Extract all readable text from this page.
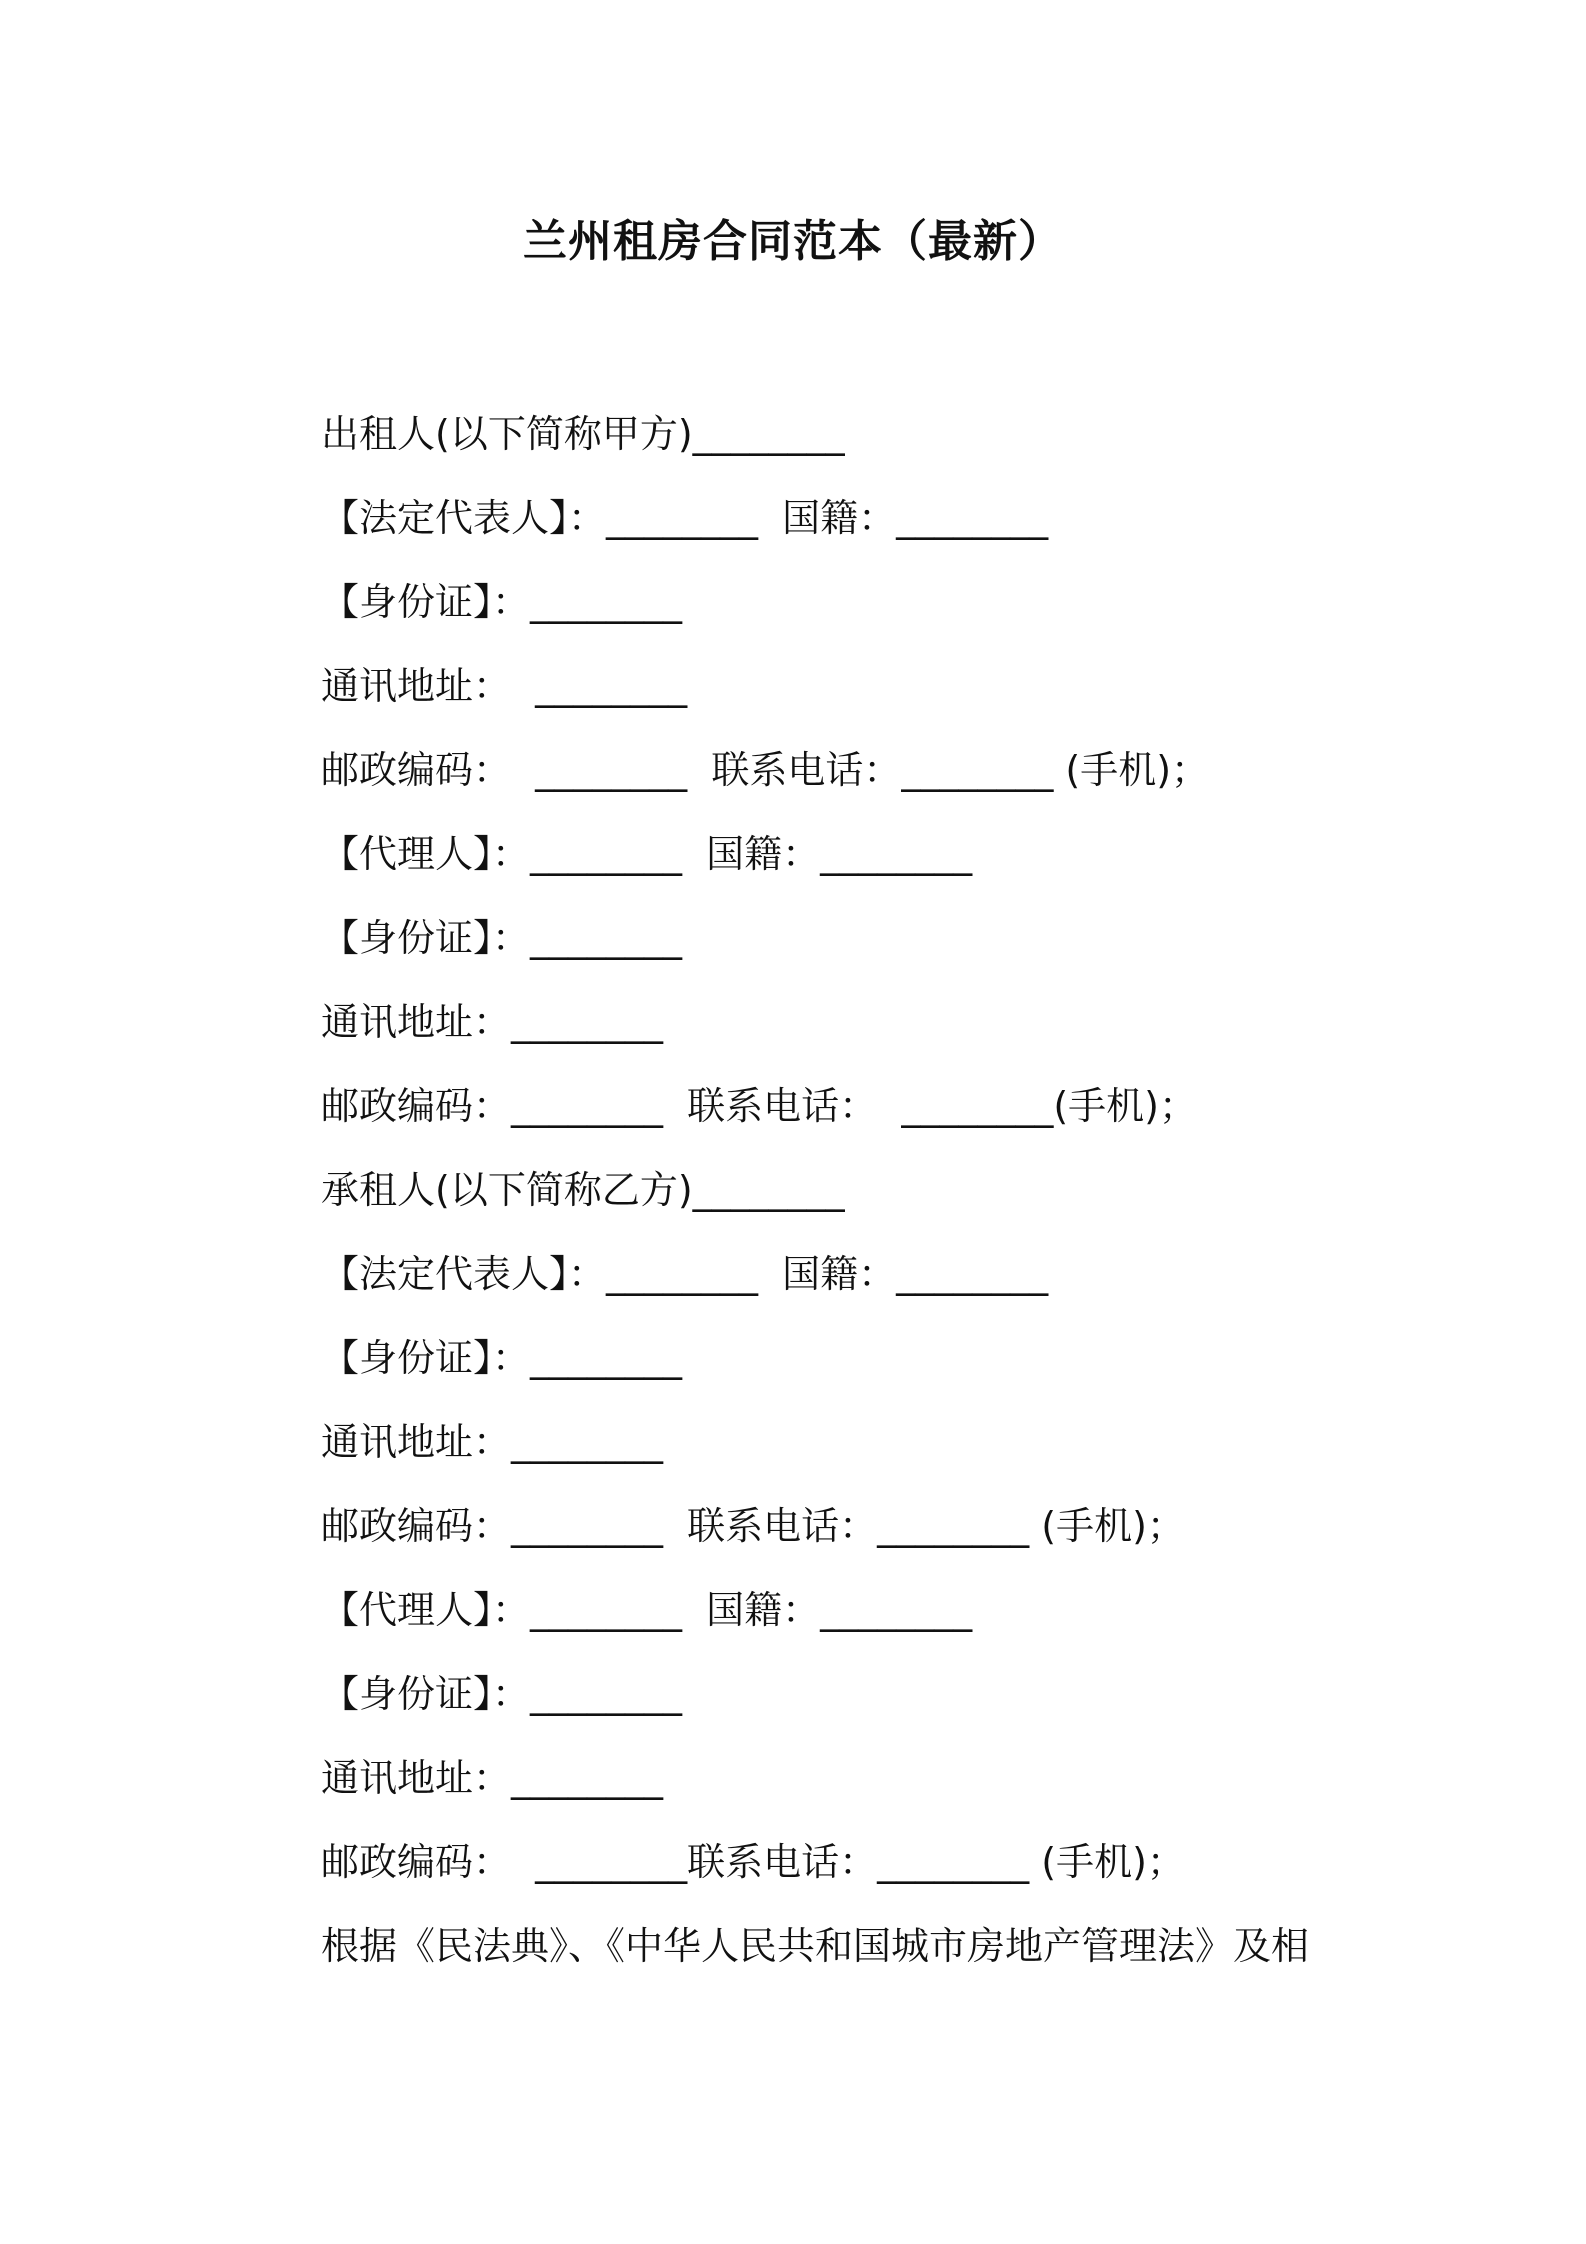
兰州租房合同范本（最新）
出租人(以下简称甲方)________
【法定代表人】：________  国籍：________
【身份证】：________
通讯地址：  ________
邮政编码：  ________  联系电话：________ (手机)；
【代理人】：________  国籍：________
【身份证】：________
通讯地址：________
邮政编码：________  联系电话：  ________(手机)；
承租人(以下简称乙方)________
【法定代表人】：________  国籍：________
【身份证】：________
通讯地址：________
邮政编码：________  联系电话：________ (手机)；
【代理人】：________  国籍：________
【身份证】：________
通讯地址：________
邮政编码：  ________联系电话：________ (手机)；
根据《民法典》、《中华人民共和国城市房地产管理法》及相
